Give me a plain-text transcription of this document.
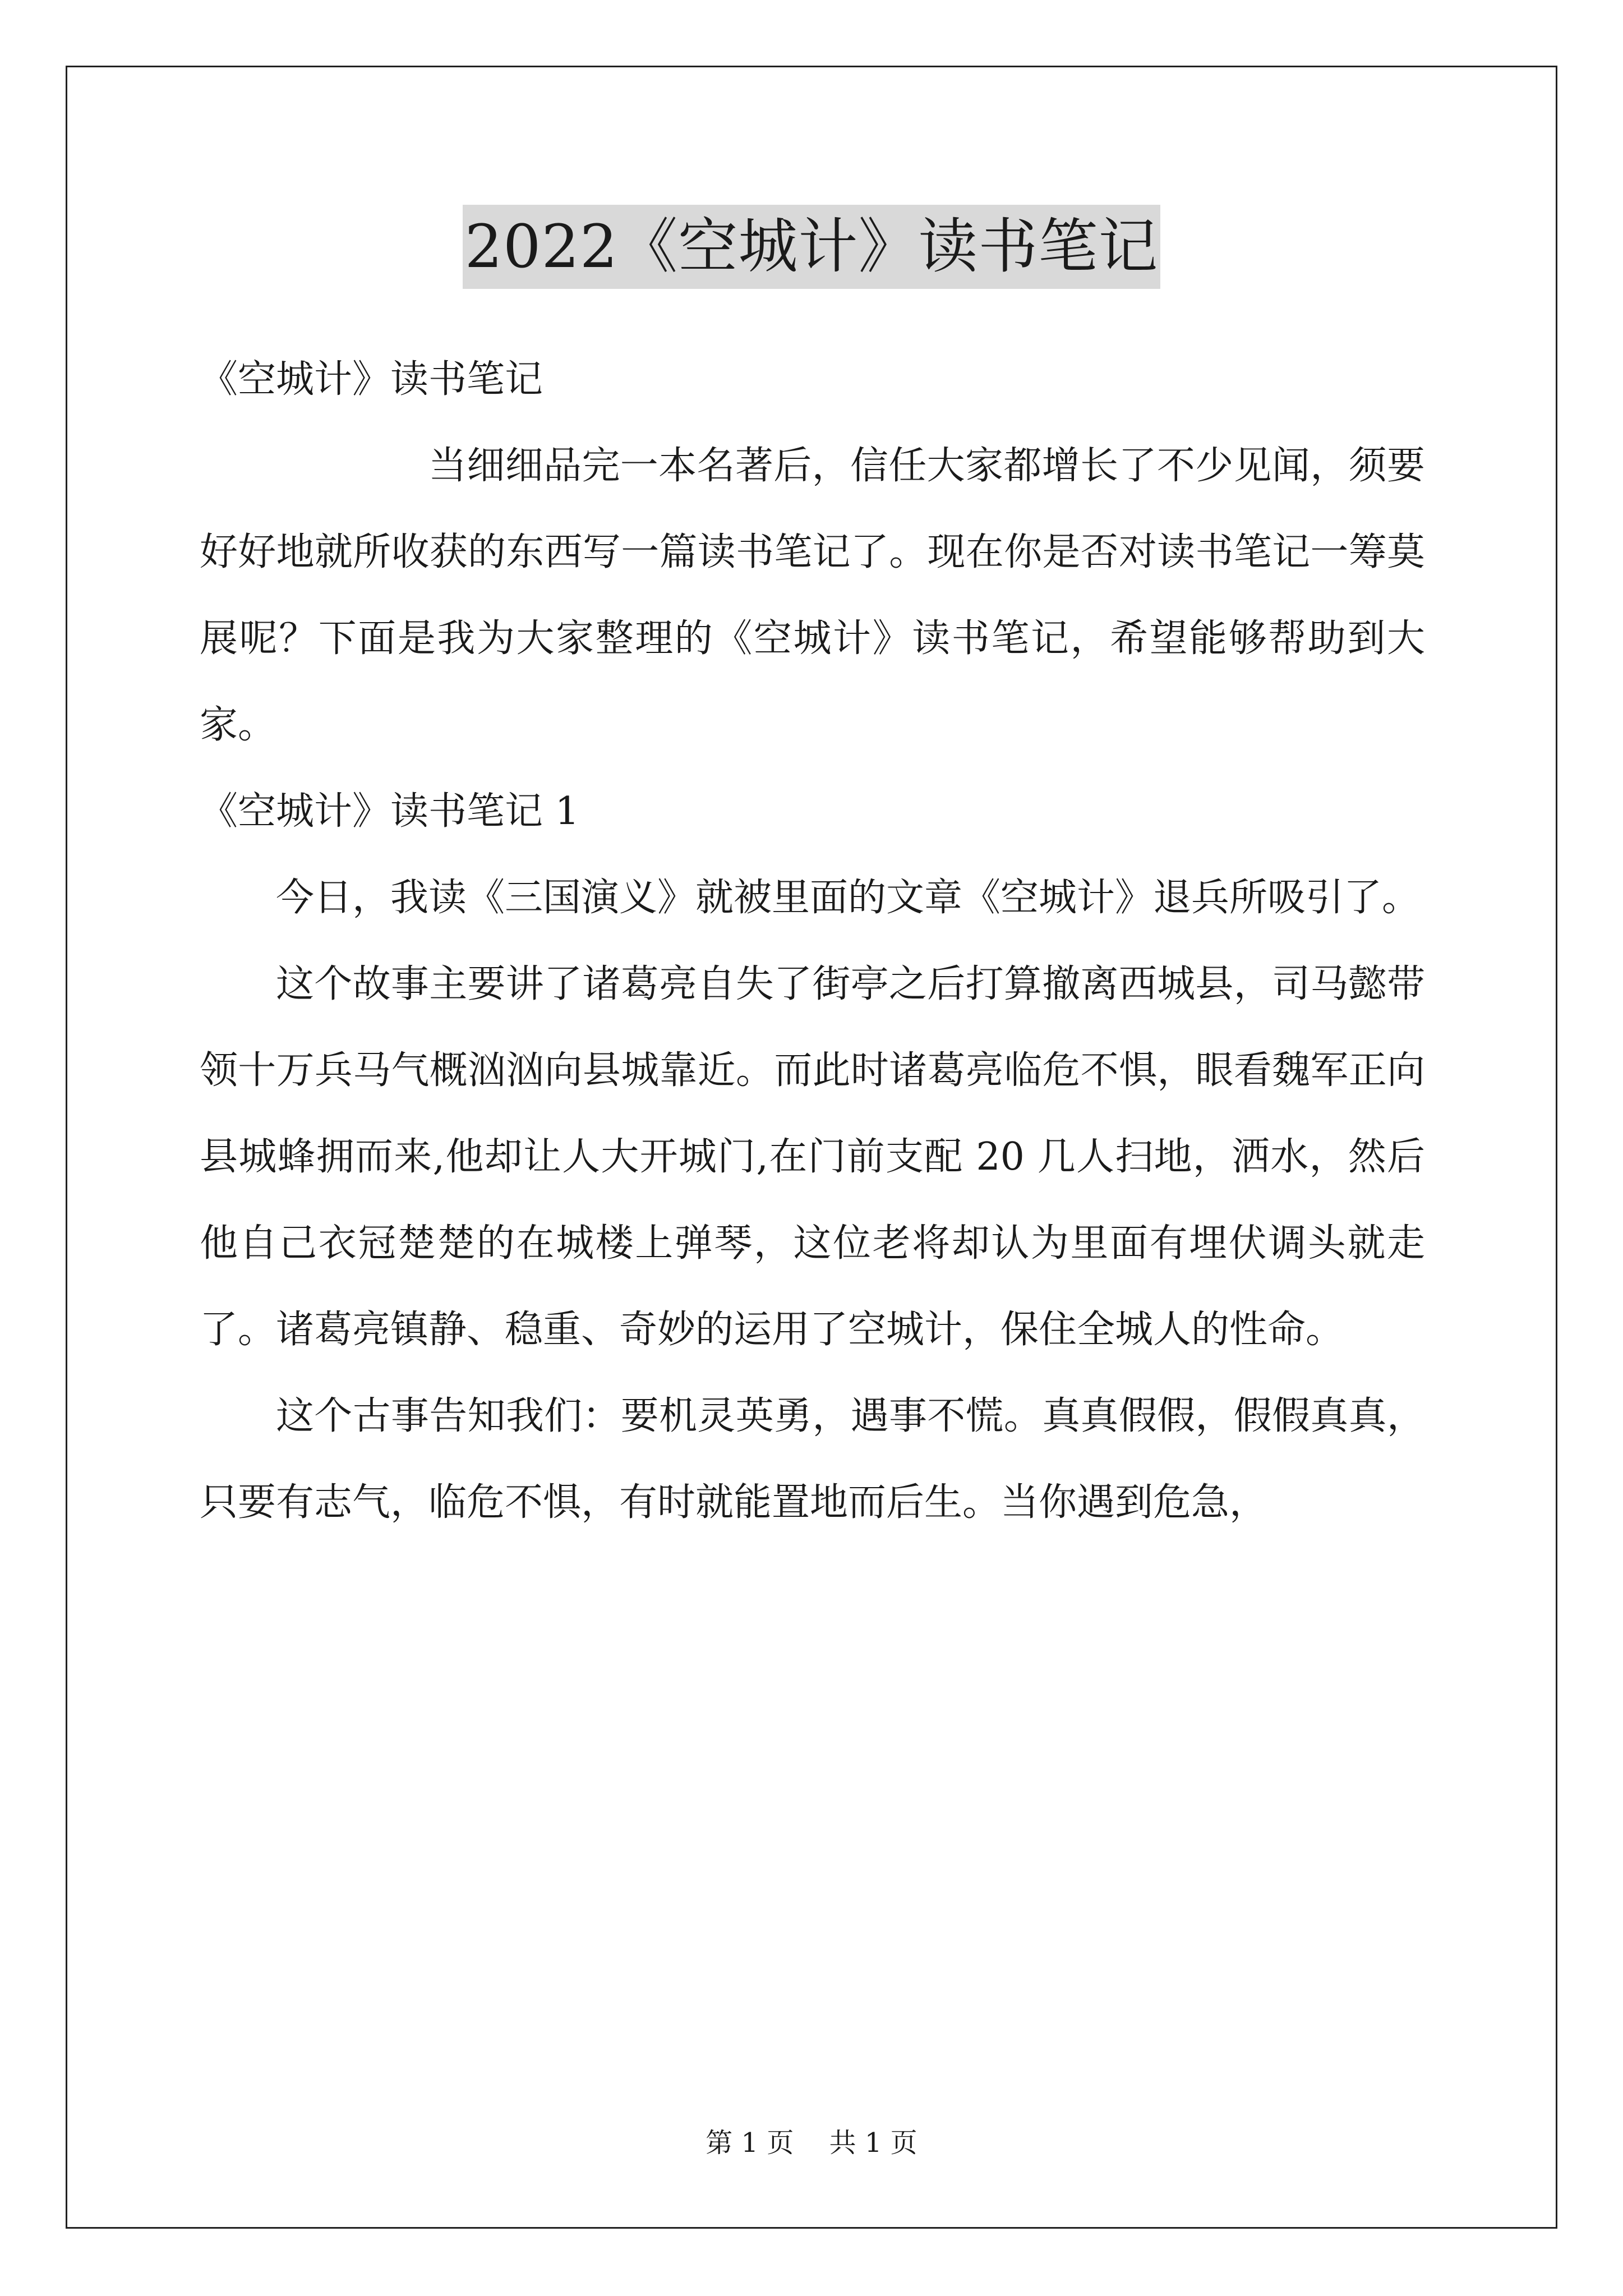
2022《空城计》读书笔记

《空城计》读书笔记

当细细品完一本名著后，信任大家都增长了不少见闻，须要好好地就所收获的东西写一篇读书笔记了。现在你是否对读书笔记一筹莫展呢？下面是我为大家整理的《空城计》读书笔记，希望能够帮助到大家。

《空城计》读书笔记 1

今日，我读《三国演义》就被里面的文章《空城计》退兵所吸引了。

这个故事主要讲了诸葛亮自失了街亭之后打算撤离西城县，司马懿带领十万兵马气概汹汹向县城靠近。而此时诸葛亮临危不惧，眼看魏军正向县城蜂拥而来,他却让人大开城门,在门前支配 20 几人扫地，洒水，然后他自己衣冠楚楚的在城楼上弹琴，这位老将却认为里面有埋伏调头就走了。诸葛亮镇静、稳重、奇妙的运用了空城计，保住全城人的性命。

这个古事告知我们：要机灵英勇，遇事不慌。真真假假，假假真真，只要有志气，临危不惧，有时就能置地而后生。当你遇到危急，

第 1 页 共 1 页
